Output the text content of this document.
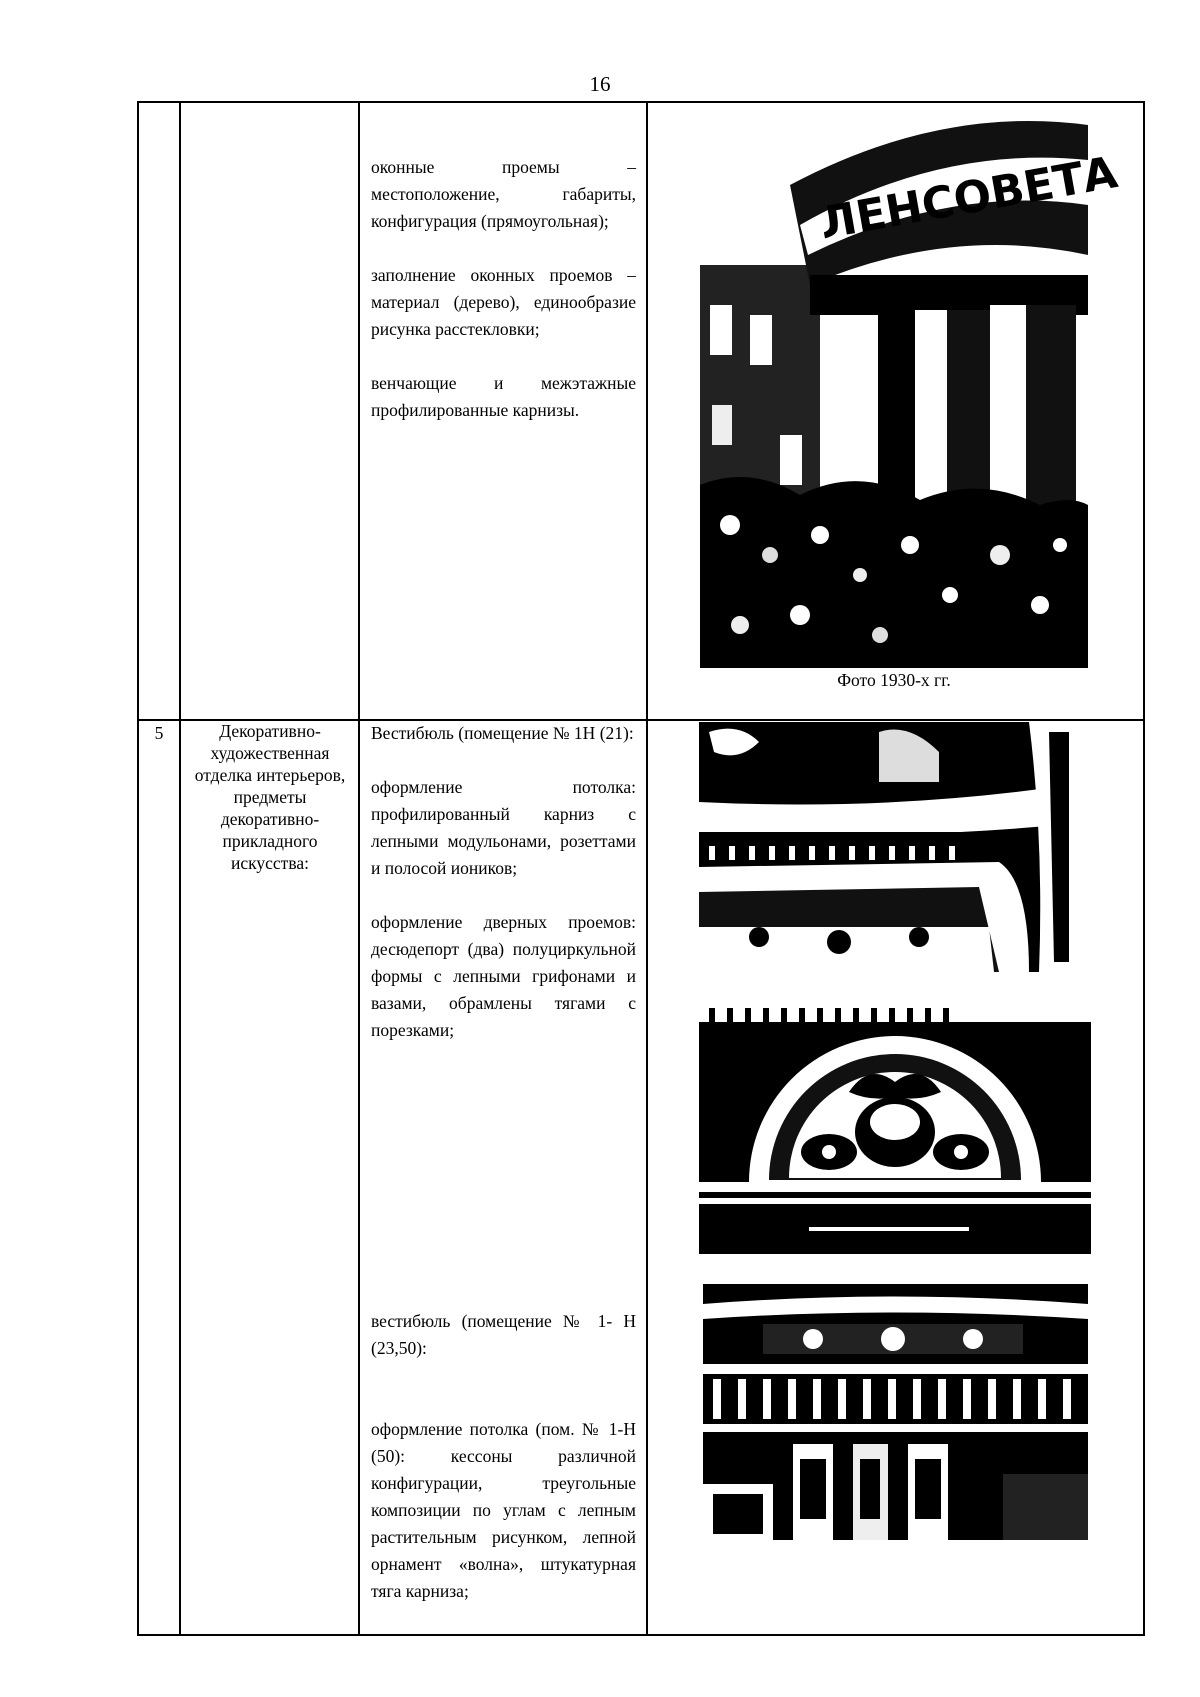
16

оконные проемы – местоположение, габариты, конфигурация (прямоугольная);

заполнение оконных проемов – материал (дерево), единообразие рисунка расстекловки;

венчающие и межэтажные профилированные карнизы.

ЛЕНСОВЕТА
Фото 1930-х гг.
5	Декоративно-художественная отделка интерьеров, предметы декоративно-прикладного искусства:

Вестибюль (помещение № 1Н (21):

оформление потолка: профилированный карниз с лепными модульонами, розеттами и полосой иоников;

оформление дверных проемов: десюдепорт (два) полуциркульной формы с лепными грифонами и вазами, обрамлены тягами с порезками;

вестибюль (помещение № 1- Н (23,50):

оформление потолка (пом. № 1-Н (50): кессоны различной конфигурации, треугольные композиции по углам с лепным растительным рисунком, лепной орнамент «волна», штукатурная тяга карниза;
